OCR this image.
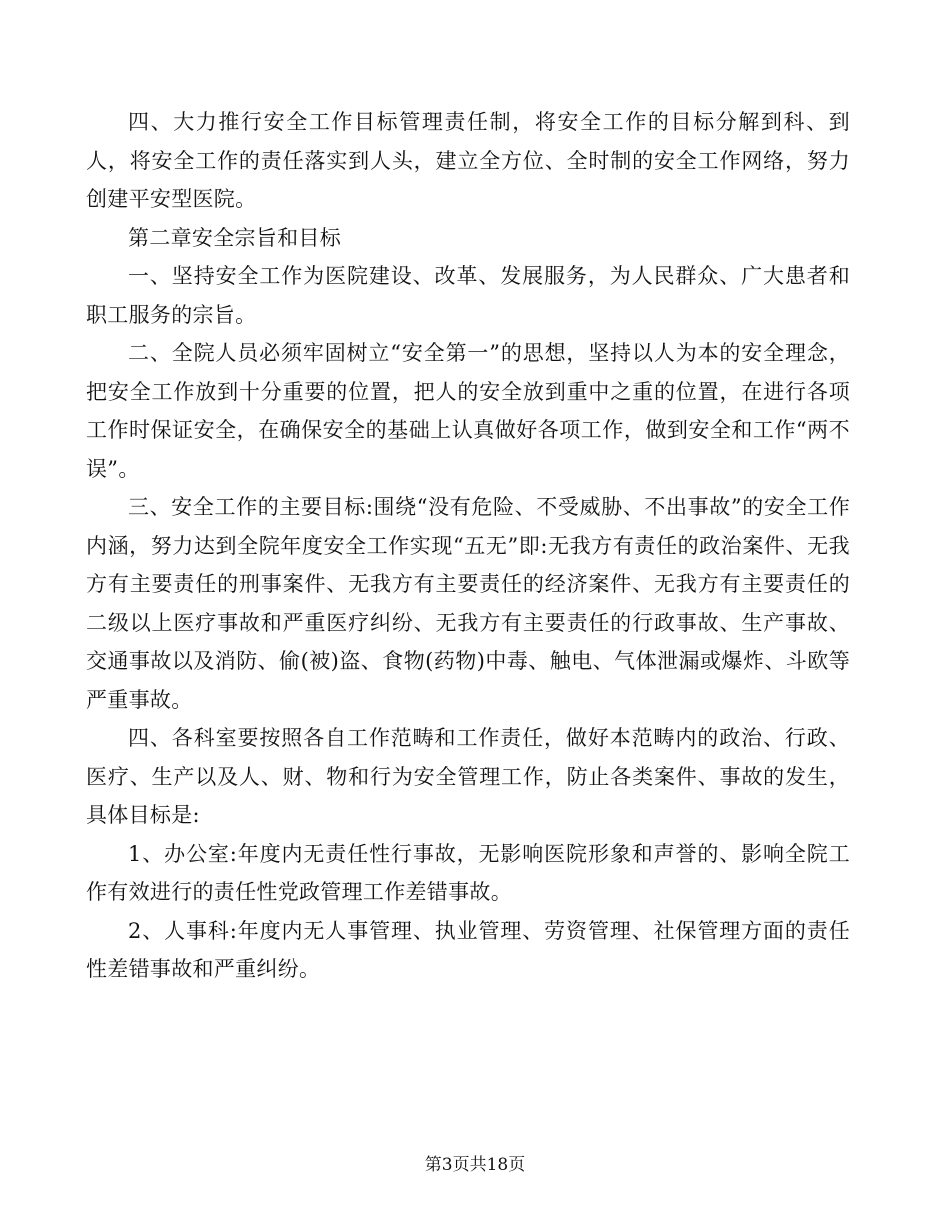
四、大力推行安全工作目标管理责任制，将安全工作的目标分解到科、到人，将安全工作的责任落实到人头，建立全方位、全时制的安全工作网络，努力创建平安型医院。

第二章安全宗旨和目标

一、坚持安全工作为医院建设、改革、发展服务，为人民群众、广大患者和职工服务的宗旨。

二、全院人员必须牢固树立“安全第一”的思想，坚持以人为本的安全理念，把安全工作放到十分重要的位置，把人的安全放到重中之重的位置，在进行各项工作时保证安全，在确保安全的基础上认真做好各项工作，做到安全和工作“两不误”。

三、安全工作的主要目标:围绕“没有危险、不受威胁、不出事故”的安全工作内涵，努力达到全院年度安全工作实现“五无”即:无我方有责任的政治案件、无我方有主要责任的刑事案件、无我方有主要责任的经济案件、无我方有主要责任的二级以上医疗事故和严重医疗纠纷、无我方有主要责任的行政事故、生产事故、交通事故以及消防、偷(被)盗、食物(药物)中毒、触电、气体泄漏或爆炸、斗欧等严重事故。

四、各科室要按照各自工作范畴和工作责任，做好本范畴内的政治、行政、医疗、生产以及人、财、物和行为安全管理工作，防止各类案件、事故的发生，具体目标是:

1、办公室:年度内无责任性行事故，无影响医院形象和声誉的、影响全院工作有效进行的责任性党政管理工作差错事故。

2、人事科:年度内无人事管理、执业管理、劳资管理、社保管理方面的责任性差错事故和严重纠纷。

第3页共18页
